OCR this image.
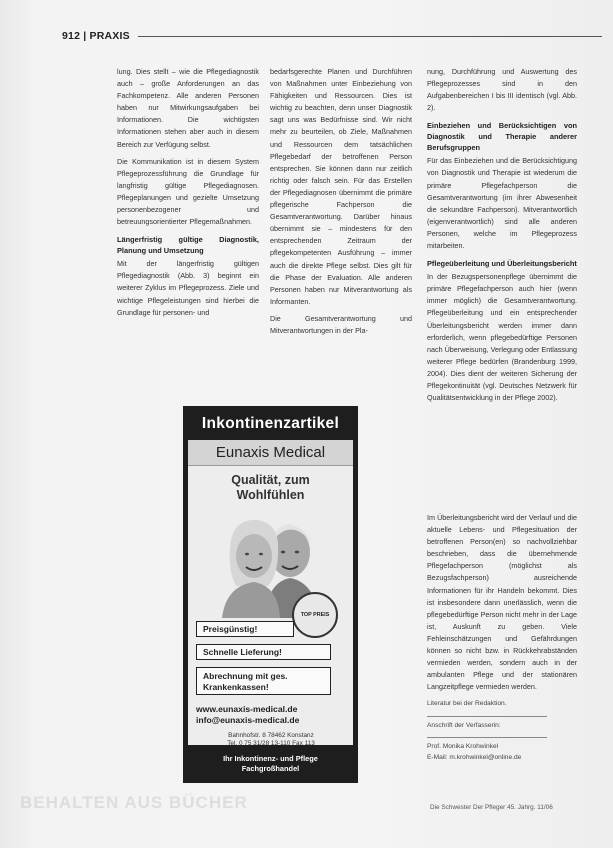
912 | PRAXIS

lung. Dies stellt – wie die Pflegediagnostik auch – große Anforderungen an das Fachkompetenz. Alle anderen Personen haben nur Mitwirkungsaufgaben bei Informationen. Die wichtigsten Informationen stehen aber auch in diesem Bereich zur Verfügung selbst.

Die Kommunikation ist in diesem System Pflegeprozessführung die Grundlage für langfristig gültige Pflegediagnosen. Pflegeplanungen und gezielte Umsetzung personenbezogener und betreuungsorientierter Pflegemaßnahmen.

Längerfristig gültige Diagnostik, Planung und Umsetzung

Mit der längerfristig gültigen Pflegediagnostik (Abb. 3) beginnt ein weiterer Zyklus im Pflegeprozess. Ziele und wichtige Pflegeleistungen sind hierbei die Grundlage für personen- und

bedarfsgerechte Planen und Durchführen von Maßnahmen unter Einbeziehung von Fähigkeiten und Ressourcen. Dies ist wichtig zu beachten, denn unser Diagnostik sagt uns was Bedürfnisse sind. Wir nicht mehr zu beurteilen, ob Ziele, Maßnahmen und Ressourcen dem tatsächlichen Pflegebedarf der betroffenen Person entsprechen. Sie können dann nur zeitlich richtig oder falsch sein. Für das Erstellen der Pflegediagnosen übernimmt die primäre pflegerische Fachperson die Gesamtverantwortung. Darüber hinaus übernimmt sie – mindestens für den entsprechenden Zeitraum der pflegekompetenten Ausführung – immer auch die direkte Pflege selbst. Dies gilt für die Phase der Evaluation. Alle anderen Personen haben nur Mitverantwortung als Informanten.

Die Gesamtverantwortung und Mitverantwortungen in der Pla-

nung, Durchführung und Auswertung des Pflegeprozesses sind in den Aufgabenbereichen I bis III identisch (vgl. Abb. 2).

Einbeziehen und Berücksichtigen von Diagnostik und Therapie anderer Berufsgruppen

Für das Einbeziehen und die Berücksichtigung von Diagnostik und Therapie ist wiederum die primäre Pflegefachperson die Gesamtverantwortung (im ihrer Abwesenheit die sekundäre Fachperson). Mitverantwortlich (eigenverantwortlich) sind alle anderen Personen, welche im Pflegeprozess mitarbeiten.

Pflegeüberleitung und Überleitungsbericht

In der Bezugspersonenpflege übernimmt die primäre Pflegefachperson auch hier (wenn immer möglich) die Gesamtverantwortung. Pflegeüberleitung und ein entsprechender Überleitungsbericht werden immer dann erforderlich, wenn pflegebedürftige Personen nach Überweisung, Verlegung oder Entlassung weiterer Pflege bedürfen (Brandenburg 1999, 2004). Dies dient der weiteren Sicherung der Pflegekontinuität (vgl. Deutsches Netzwerk für Qualitätsentwicklung in der Pflege 2002).

Im Überleitungsbericht wird der Verlauf und die aktuelle Lebens- und Pflegesituation der betroffenen Person(en) so nachvollziehbar beschrieben, dass die übernehmende Pflegefachperson (möglichst als Bezugsfachperson) ausreichende Informationen für ihr Handeln bekommt. Dies ist insbesondere dann unerlässlich, wenn die pflegebedürftige Person nicht mehr in der Lage ist, Auskunft zu geben. Viele Fehleinschätzungen und Gefährdungen können so nicht bzw. in Rückkehrabständen vermieden werden, sondern auch in der ambulanten Pflege und der stationären Langzeitpflege vermieden werden.

Literatur bei der Redaktion.
Anschrift der Verfasserin:
Prof. Monika Krohwinkel
E-Mail: m.krohwinkel@online.de
Inkontinenzartikel
Eunaxis Medical
Qualität, zum
Wohlfühlen
TOP PREIS
Preisgünstig!
Schnelle Lieferung!
Abrechnung mit ges.
Krankenkassen!
www.eunaxis-medical.de
info@eunaxis-medical.de
Bahnhofstr. 8 78462 Konstanz
Tel. 0 75 31/28 13-110 Fax 113
Ihr Inkontinenz- und Pflege
Fachgroßhandel
BEHALTEN AUS BÜCHER	Die Schwester Der Pfleger 45. Jahrg. 11/06
